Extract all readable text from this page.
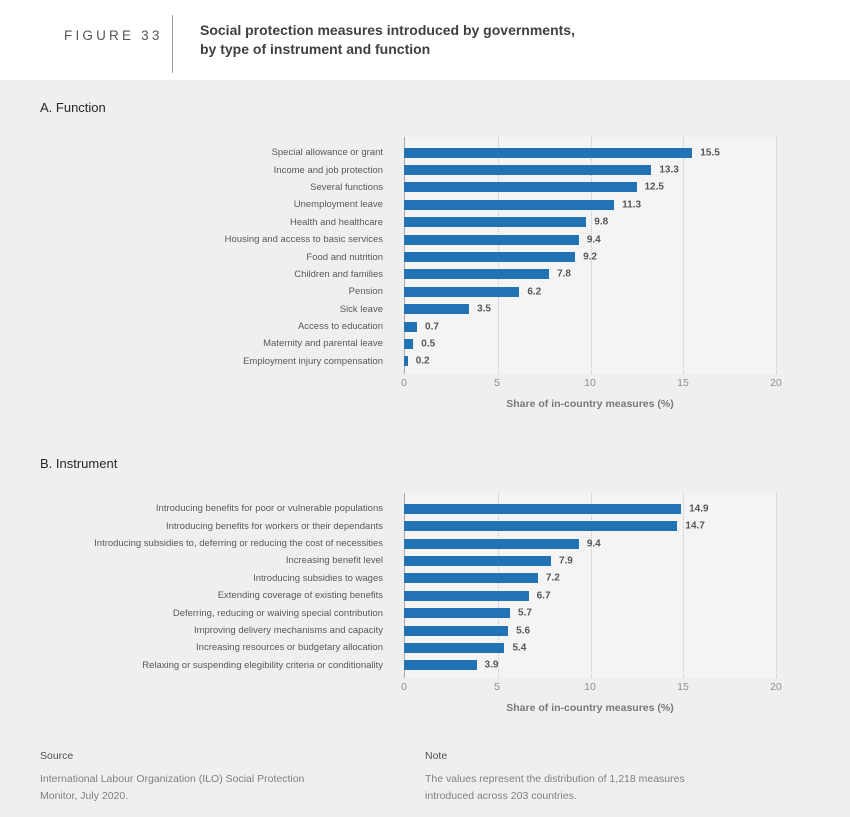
FIGURE 33	Social protection measures introduced by governments,
by type of instrument and function
A. Function
Special allowance or grant	15.5
Income and job protection	13.3
Several functions	12.5
Unemployment leave	11.3
Health and healthcare	9.8
Housing and access to basic services	9.4
Food and nutrition	9.2
Children and families	7.8
Pension	6.2
Sick leave	3.5
Access to education	0.7
Maternity and parental leave	0.5
Employment injury compensation	0.2
0	5	10	15	20
Share of in-country measures (%)
B. Instrument
Introducing benefits for poor or vulnerable populations	14.9
Introducing benefits for workers or their dependants	14.7
Introducing subsidies to, deferring or reducing the cost of necessities	9.4
Increasing benefit level	7.9
Introducing subsidies to wages	7.2
Extending coverage of existing benefits	6.7
Deferring, reducing or waiving special contribution	5.7
Improving delivery mechanisms and capacity	5.6
Increasing resources or budgetary allocation	5.4
Relaxing or suspending elegibility criteria or conditionality	3.9
0	5	10	15	20
Share of in-country measures (%)
Source
International Labour Organization (ILO) Social Protection Monitor, July 2020.
Note
The values represent the distribution of 1,218 measures introduced across 203 countries.
